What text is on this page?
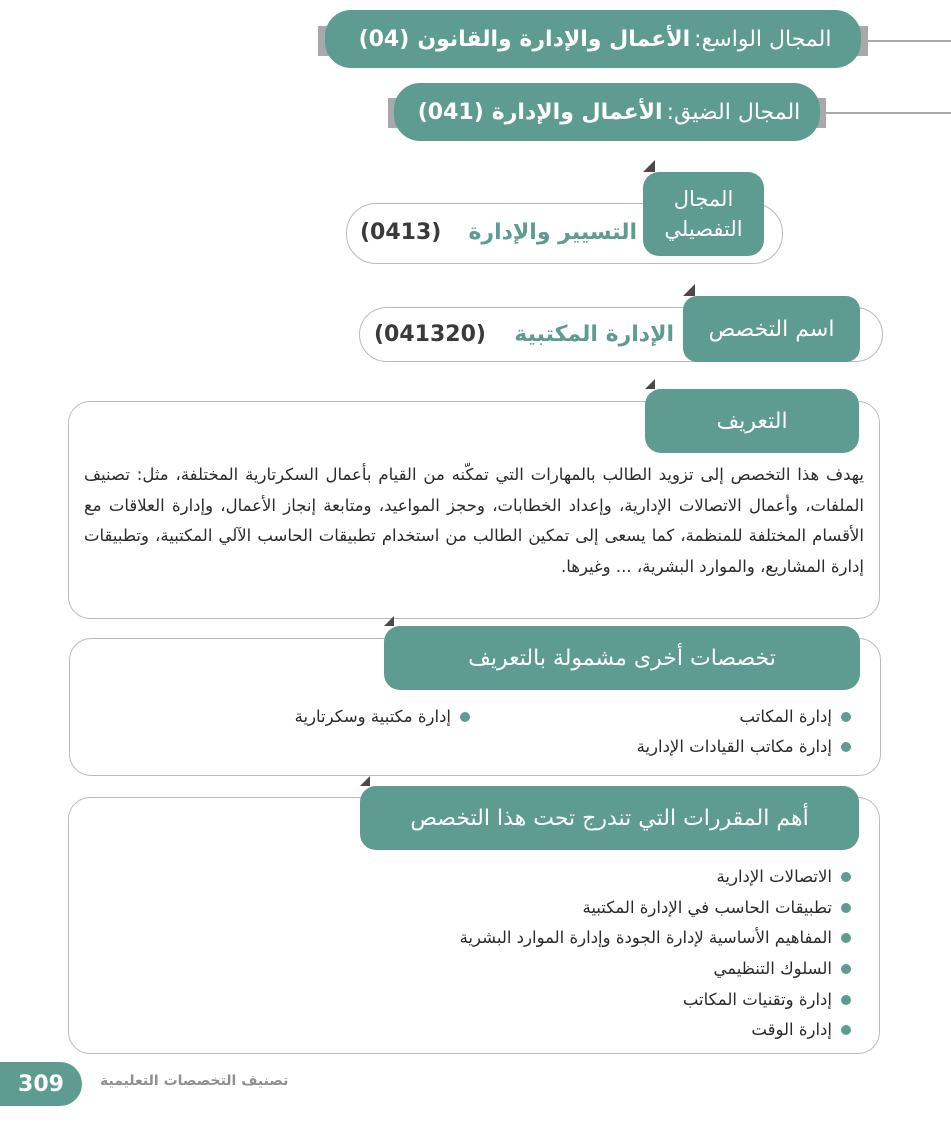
المجال الواسع:
الأعمال والإدارة والقانون
(04)
المجال الضيق:
الأعمال والإدارة
(041)
المجال
التفصيلي
التسيير والإدارة
(0413)
اسم التخصص
الإدارة المكتبية
(041320)
التعريف
يهدف هذا التخصص إلى تزويد الطالب بالمهارات التي تمكّنه من القيام بأعمال السكرتارية المختلفة، مثل: تصنيف الملفات، وأعمال الاتصالات الإدارية، وإعداد الخطابات، وحجز المواعيد، ومتابعة إنجاز الأعمال، وإدارة العلاقات مع الأقسام المختلفة للمنظمة، كما يسعى إلى تمكين الطالب من استخدام تطبيقات الحاسب الآلي المكتبية، وتطبيقات إدارة المشاريع، والموارد البشرية، ... وغيرها.
تخصصات أخرى مشمولة بالتعريف
إدارة المكاتب
إدارة مكتبية وسكرتارية
إدارة مكاتب القيادات الإدارية
أهم المقررات التي تندرج تحت هذا التخصص
الاتصالات الإدارية
تطبيقات الحاسب في الإدارة المكتبية
المفاهيم الأساسية لإدارة الجودة وإدارة الموارد البشرية
السلوك التنظيمي
إدارة وتقنيات المكاتب
إدارة الوقت
309	تصنيف التخصصات التعليمية
